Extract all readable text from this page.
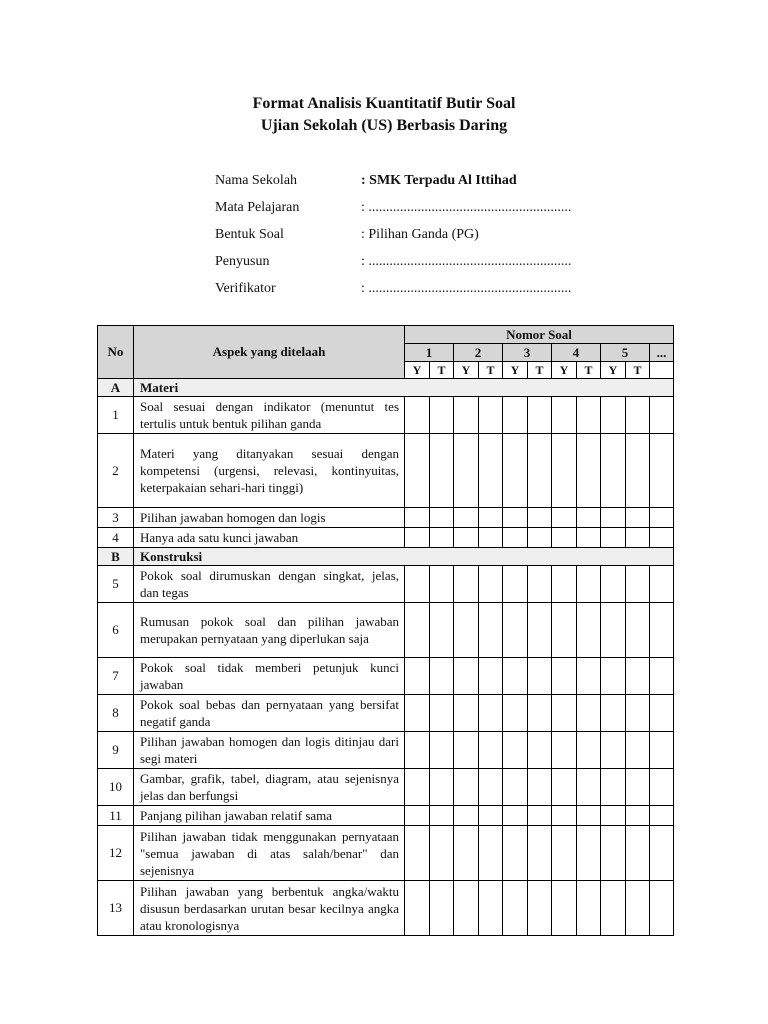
Format Analisis Kuantitatif Butir Soal
Ujian Sekolah (US) Berbasis Daring
Nama Sekolah	: SMK Terpadu Al Ittihad
Mata Pelajaran	: ..........................................................
Bentuk Soal	: Pilihan Ganda (PG)
Penyusun	: ..........................................................
Verifikator	: ..........................................................
No	Aspek yang ditelaah	Nomor Soal										
		1		2		3		4		5		...
		Y	T	Y	T	Y	T	Y	T	Y	T	
A	Materi											
1	Soal sesuai dengan indikator (menuntut tes tertulis untuk bentuk pilihan ganda											
2	Materi yang ditanyakan sesuai dengan kompetensi (urgensi, relevasi, kontinyuitas, keterpakaian sehari-hari tinggi)											
3	Pilihan jawaban homogen dan logis											
4	Hanya ada satu kunci jawaban											
B	Konstruksi											
5	Pokok soal dirumuskan dengan singkat, jelas, dan tegas											
6	Rumusan pokok soal dan pilihan jawaban merupakan pernyataan yang diperlukan saja											
7	Pokok soal tidak memberi petunjuk kunci jawaban											
8	Pokok soal bebas dan pernyataan yang bersifat negatif ganda											
9	Pilihan jawaban homogen dan logis ditinjau dari segi materi											
10	Gambar, grafik, tabel, diagram, atau sejenisnya jelas dan berfungsi											
11	Panjang pilihan jawaban relatif sama											
12	Pilihan jawaban tidak menggunakan pernyataan "semua jawaban di atas salah/benar" dan sejenisnya											
13	Pilihan jawaban yang berbentuk angka/waktu disusun berdasarkan urutan besar kecilnya angka atau kronologisnya											
